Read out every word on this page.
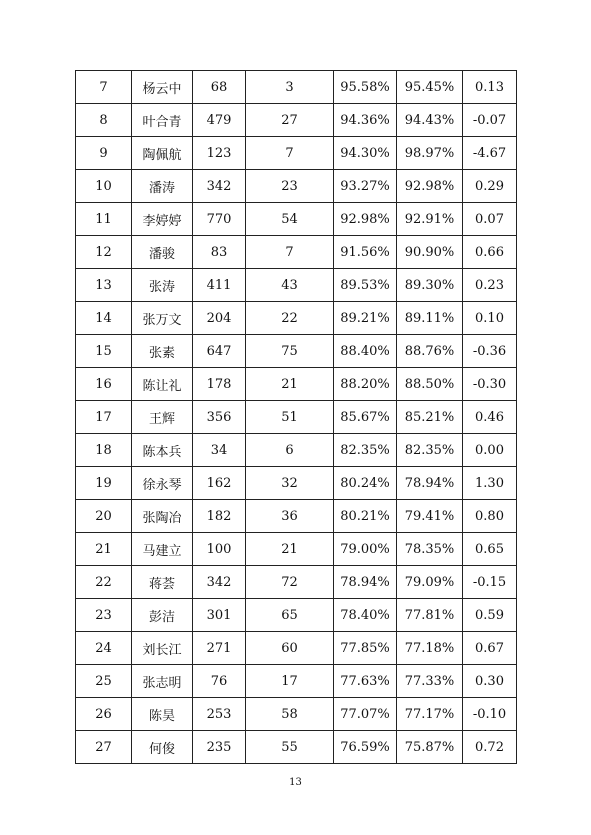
7	杨云中	68	3	95.58%	95.45%	0.13
8	叶合青	479	27	94.36%	94.43%	-0.07
9	陶佩航	123	7	94.30%	98.97%	-4.67
10	潘涛	342	23	93.27%	92.98%	0.29
11	李婷婷	770	54	92.98%	92.91%	0.07
12	潘骏	83	7	91.56%	90.90%	0.66
13	张涛	411	43	89.53%	89.30%	0.23
14	张万文	204	22	89.21%	89.11%	0.10
15	张素	647	75	88.40%	88.76%	-0.36
16	陈让礼	178	21	88.20%	88.50%	-0.30
17	王辉	356	51	85.67%	85.21%	0.46
18	陈本兵	34	6	82.35%	82.35%	0.00
19	徐永琴	162	32	80.24%	78.94%	1.30
20	张陶冶	182	36	80.21%	79.41%	0.80
21	马建立	100	21	79.00%	78.35%	0.65
22	蒋荟	342	72	78.94%	79.09%	-0.15
23	彭洁	301	65	78.40%	77.81%	0.59
24	刘长江	271	60	77.85%	77.18%	0.67
25	张志明	76	17	77.63%	77.33%	0.30
26	陈昊	253	58	77.07%	77.17%	-0.10
27	何俊	235	55	76.59%	75.87%	0.72
13
